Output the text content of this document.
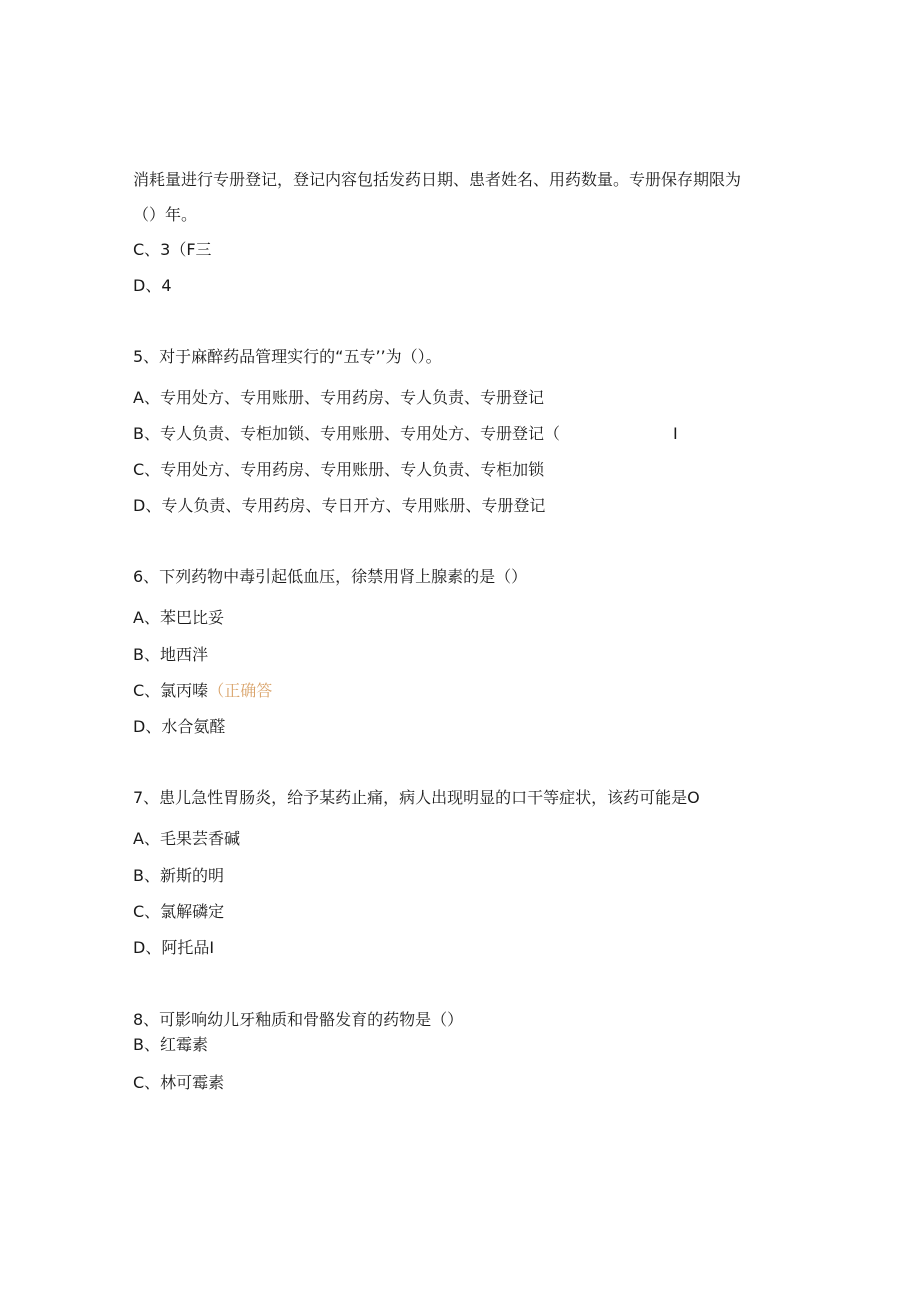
消耗量进行专册登记，登记内容包括发药日期、患者姓名、用药数量。专册保存期限为
（）年。
C、3（F三
D、4
5、对于麻醉药品管理实行的“五专’’为（）。
A、专用处方、专用账册、专用药房、专人负责、专册登记
B、专人负责、专柜加锁、专用账册、专用处方、专册登记（	I
C、专用处方、专用药房、专用账册、专人负责、专柜加锁
D、专人负责、专用药房、专日开方、专用账册、专册登记
6、下列药物中毒引起低血压，徐禁用肾上腺素的是（）
A、苯巴比妥
B、地西泮
C、氯丙嗪（正确答
D、水合氨醛
7、患儿急性胃肠炎，给予某药止痛，病人出现明显的口干等症状，该药可能是O
A、毛果芸香碱
B、新斯的明
C、氯解磷定
D、阿托品I
8、可影响幼儿牙釉质和骨骼发育的药物是（）
B、红霉素
C、林可霉素
